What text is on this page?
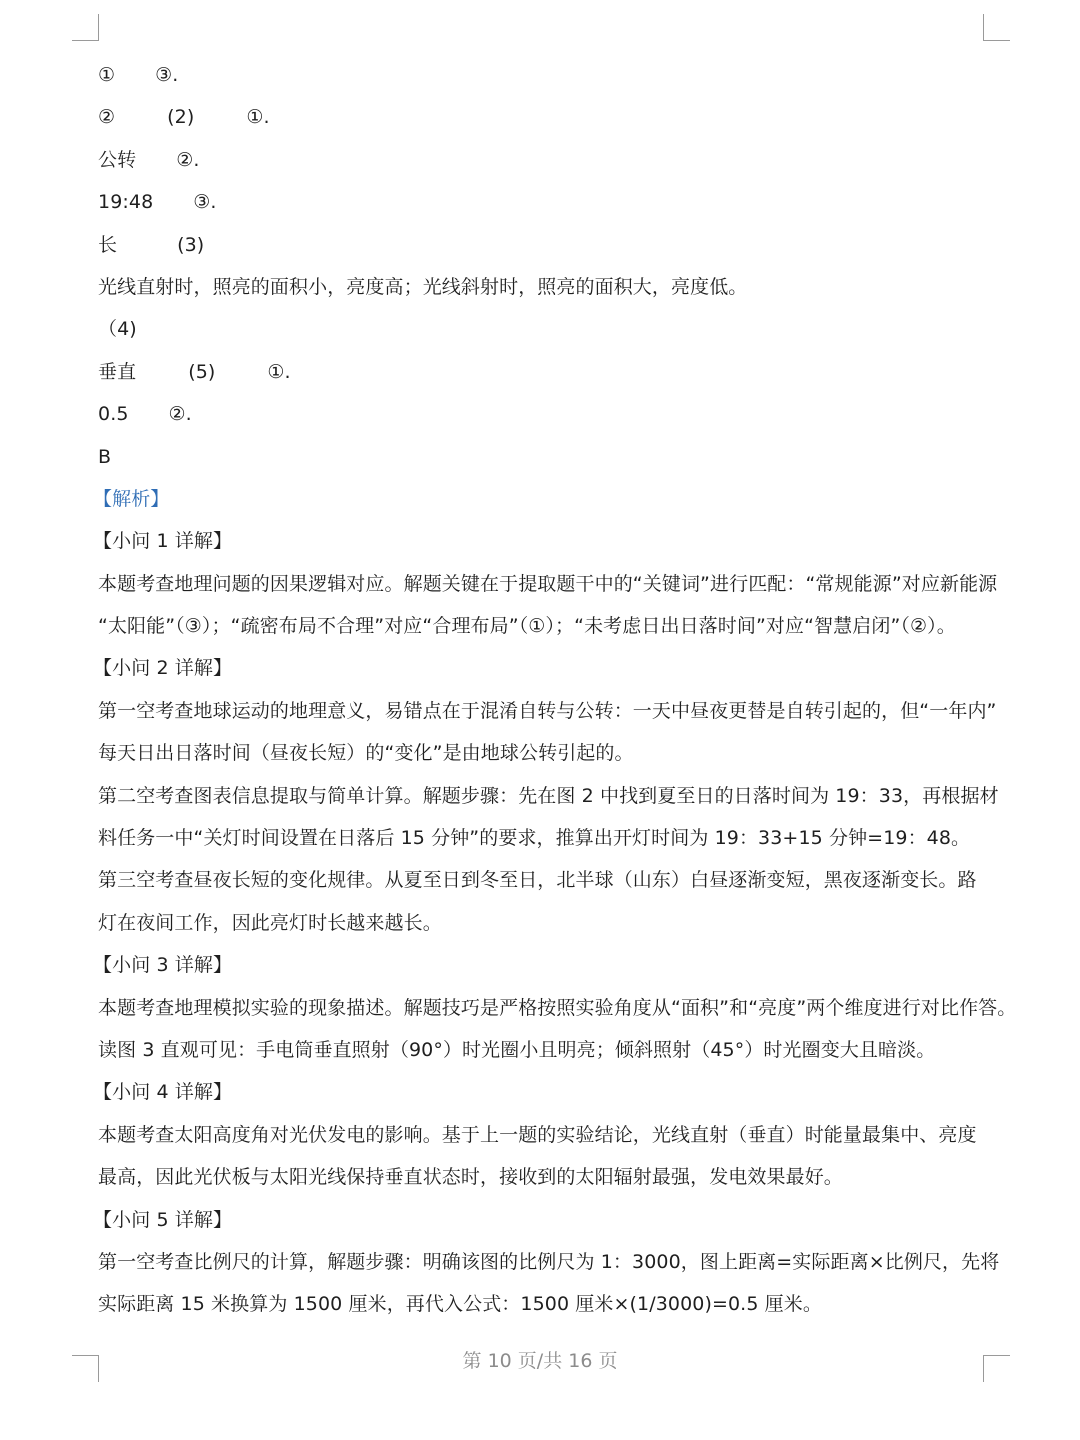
① ③.
②	(2)	①.
公转 ②.
19:48 ③.
长	(3)
光线直射时，照亮的面积小，亮度高；光线斜射时，照亮的面积大，亮度低。
（4)
垂直	(5)	①.
0.5 ②.
B
【解析】
【小问 1 详解】
本题考查地理问题的因果逻辑对应。解题关键在于提取题干中的“关键词”进行匹配：“常规能源”对应新能源
“太阳能”（③）；“疏密布局不合理”对应“合理布局”（①）；“未考虑日出日落时间”对应“智慧启闭”（②）。
【小问 2 详解】
第一空考查地球运动的地理意义，易错点在于混淆自转与公转：一天中昼夜更替是自转引起的，但“一年内”
每天日出日落时间（昼夜长短）的“变化”是由地球公转引起的。
第二空考查图表信息提取与简单计算。解题步骤：先在图 2 中找到夏至日的日落时间为 19：33，再根据材
料任务一中“关灯时间设置在日落后 15 分钟”的要求，推算出开灯时间为 19：33+15 分钟=19：48。
第三空考查昼夜长短的变化规律。从夏至日到冬至日，北半球（山东）白昼逐渐变短，黑夜逐渐变长。路
灯在夜间工作，因此亮灯时长越来越长。
【小问 3 详解】
本题考查地理模拟实验的现象描述。解题技巧是严格按照实验角度从“面积”和“亮度”两个维度进行对比作答。
读图 3 直观可见：手电筒垂直照射（90°）时光圈小且明亮；倾斜照射（45°）时光圈变大且暗淡。
【小问 4 详解】
本题考查太阳高度角对光伏发电的影响。基于上一题的实验结论，光线直射（垂直）时能量最集中、亮度
最高，因此光伏板与太阳光线保持垂直状态时，接收到的太阳辐射最强，发电效果最好。
【小问 5 详解】
第一空考查比例尺的计算，解题步骤：明确该图的比例尺为 1：3000，图上距离=实际距离×比例尺，先将
实际距离 15 米换算为 1500 厘米，再代入公式：1500 厘米×(1/3000)=0.5 厘米。
第 10 页/共 16 页
